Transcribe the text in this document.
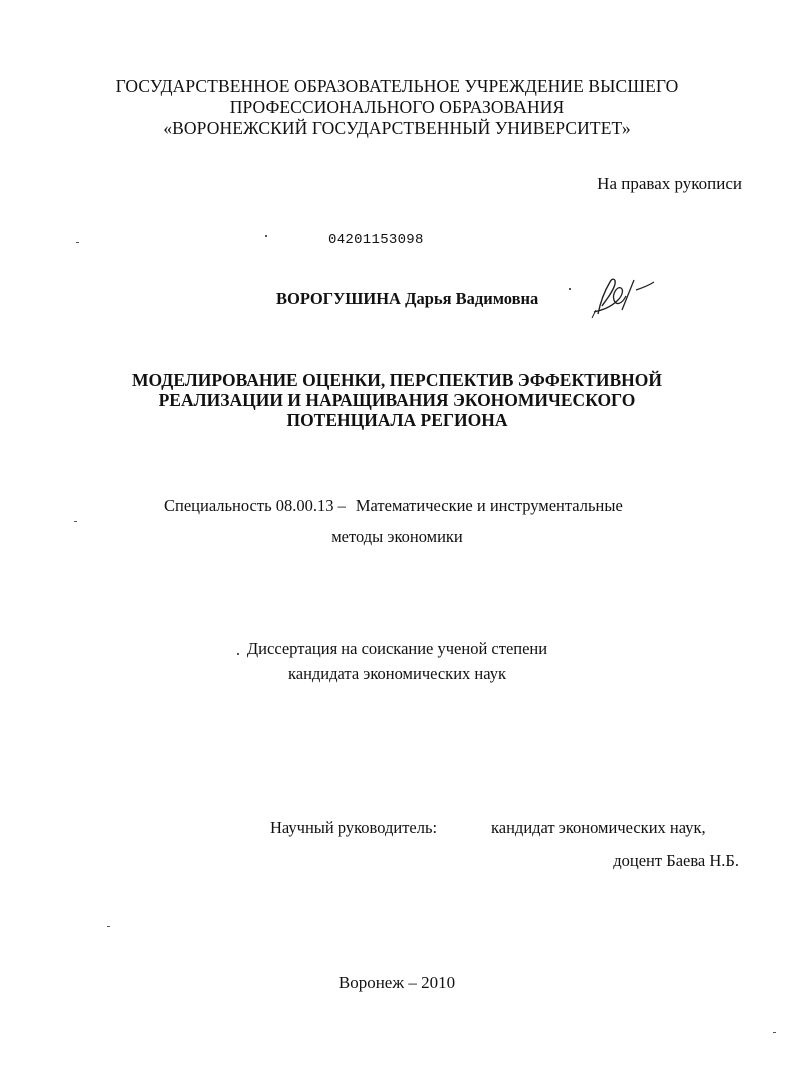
ГОСУДАРСТВЕННОЕ ОБРАЗОВАТЕЛЬНОЕ УЧРЕЖДЕНИЕ ВЫСШЕГО
ПРОФЕССИОНАЛЬНОГО ОБРАЗОВАНИЯ
«ВОРОНЕЖСКИЙ ГОСУДАРСТВЕННЫЙ УНИВЕРСИТЕТ»
На правах рукописи
04201153098
ВОРОГУШИНА Дарья Вадимовна
МОДЕЛИРОВАНИЕ ОЦЕНКИ, ПЕРСПЕКТИВ ЭФФЕКТИВНОЙ
РЕАЛИЗАЦИИ И НАРАЩИВАНИЯ ЭКОНОМИЧЕСКОГО
ПОТЕНЦИАЛА РЕГИОНА
Специальность 08.00.13 – Математические и инструментальные
методы экономики
Диссертация на соискание ученой степени
кандидата экономических наук
Научный руководитель:	кандидат экономических наук,
доцент Баева Н.Б.
Воронеж – 2010
